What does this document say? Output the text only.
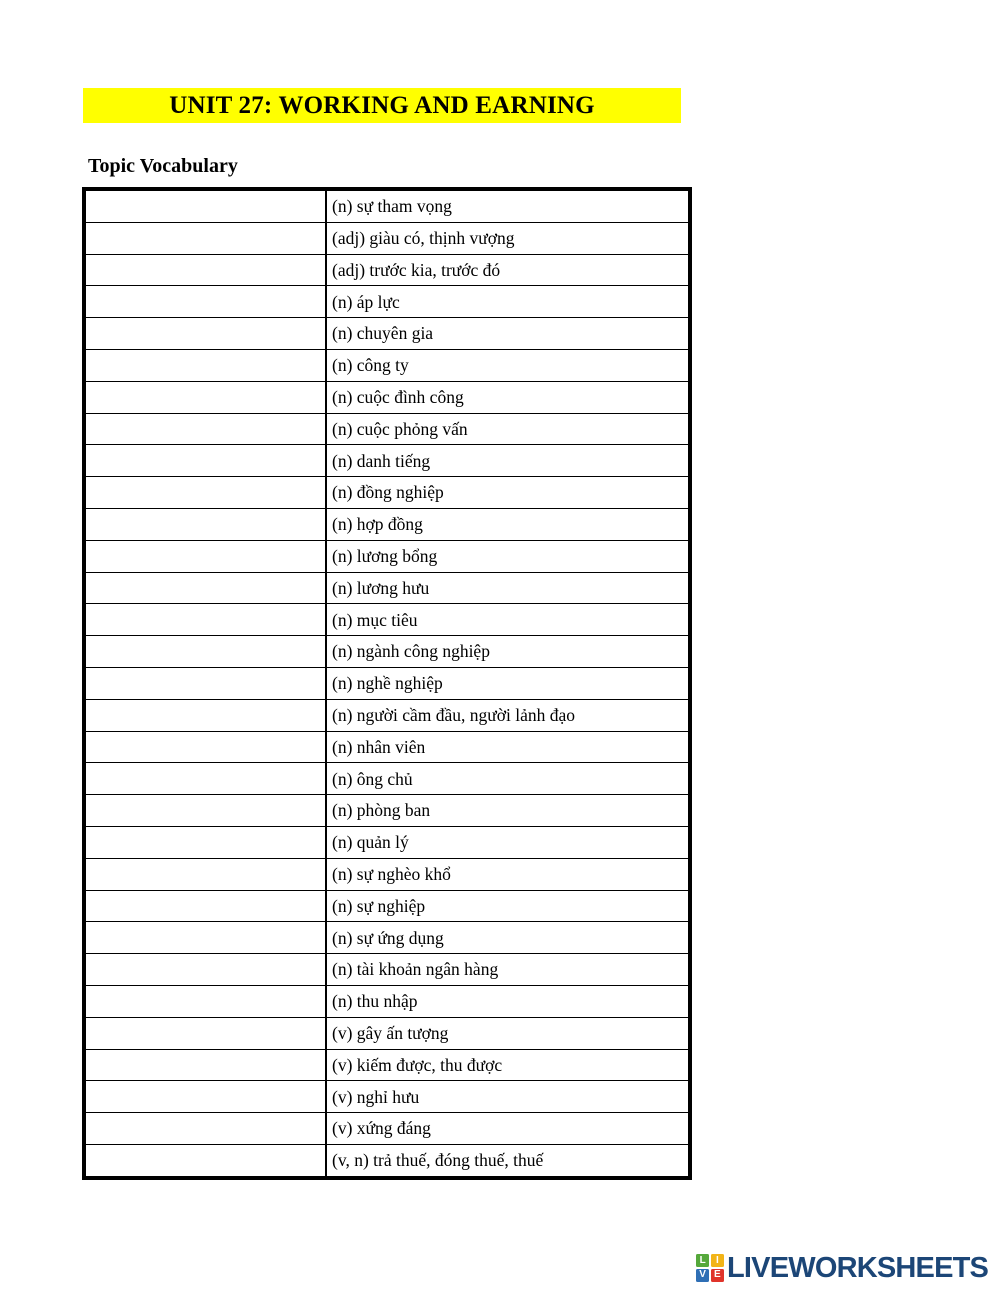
UNIT 27: WORKING AND EARNING
Topic Vocabulary
	(n) sự tham vọng
	(adj) giàu có, thịnh vượng
	(adj) trước kia, trước đó
	(n) áp lực
	(n) chuyên gia
	(n) công ty
	(n) cuộc đình công
	(n) cuộc phỏng vấn
	(n) danh tiếng
	(n) đồng nghiệp
	(n) hợp đồng
	(n) lương bổng
	(n) lương hưu
	(n) mục tiêu
	(n) ngành công nghiệp
	(n) nghề nghiệp
	(n) người cầm đầu, người lảnh đạo
	(n) nhân viên
	(n) ông chủ
	(n) phòng ban
	(n) quản lý
	(n) sự nghèo khổ
	(n) sự nghiệp
	(n) sự ứng dụng
	(n) tài khoản ngân hàng
	(n) thu nhập
	(v) gây ấn tượng
	(v) kiếm được, thu được
	(v) nghỉ hưu
	(v) xứng đáng
	(v, n) trả thuế, đóng thuế, thuế
L	I
V E LIVEWORKSHEETS
